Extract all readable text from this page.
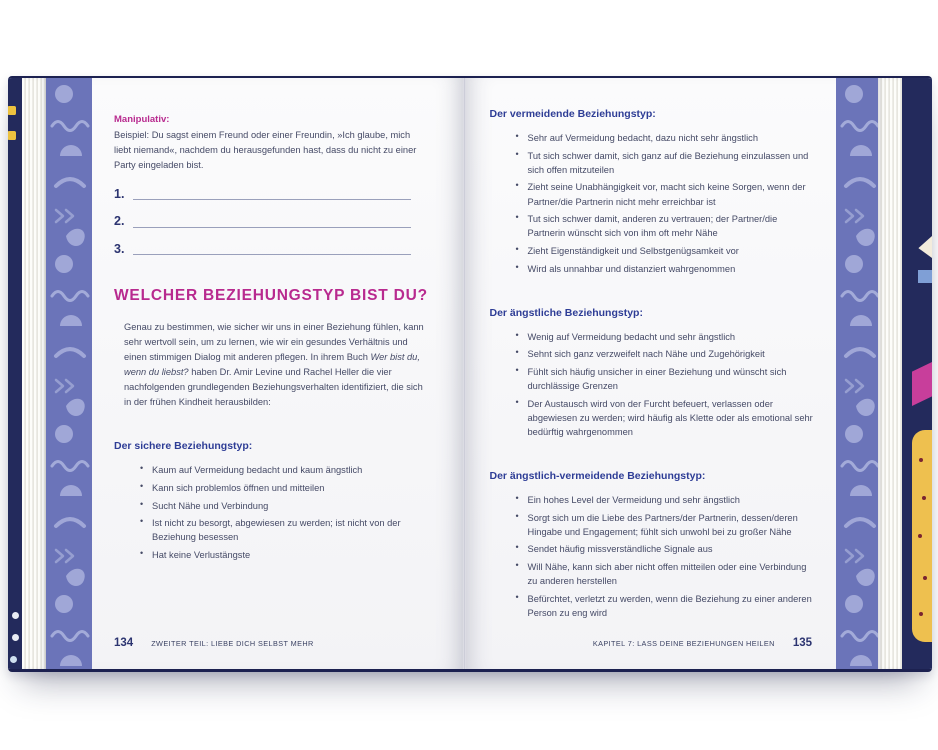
Manipulativ:

Beispiel: Du sagst einem Freund oder einer Freundin, »Ich glaube, mich liebt niemand«, nachdem du herausgefunden hast, dass du nicht zu einer Party eingeladen bist.

1.
2.
3.
WELCHER BEZIEHUNGSTYP BIST DU?

Genau zu bestimmen, wie sicher wir uns in einer Beziehung fühlen, kann sehr wertvoll sein, um zu lernen, wie wir ein gesundes Verhältnis und einen stimmigen Dialog mit anderen pflegen. In ihrem Buch Wer bist du, wenn du liebst? haben Dr. Amir Levine und Rachel Heller die vier nachfolgenden grundlegenden Beziehungsverhalten identifiziert, die sich in der frühen Kindheit herausbilden:

Der sichere Beziehungstyp:
• Kaum auf Vermeidung bedacht und kaum ängstlich
• Kann sich problemlos öffnen und mitteilen
• Sucht Nähe und Verbindung
• Ist nicht zu besorgt, abgewiesen zu werden; ist nicht von der Beziehung besessen
• Hat keine Verlustängste
134 ZWEITER TEIL: LIEBE DICH SELBST MEHR
Der vermeidende Beziehungstyp:
• Sehr auf Vermeidung bedacht, dazu nicht sehr ängstlich
• Tut sich schwer damit, sich ganz auf die Beziehung einzulassen und sich offen mitzuteilen
• Zieht seine Unabhängigkeit vor, macht sich keine Sorgen, wenn der Partner/die Partnerin nicht mehr erreichbar ist
• Tut sich schwer damit, anderen zu vertrauen; der Partner/die Partnerin wünscht sich von ihm oft mehr Nähe
• Zieht Eigenständigkeit und Selbstgenügsamkeit vor
• Wird als unnahbar und distanziert wahrgenommen
Der ängstliche Beziehungstyp:
• Wenig auf Vermeidung bedacht und sehr ängstlich
• Sehnt sich ganz verzweifelt nach Nähe und Zugehörigkeit
• Fühlt sich häufig unsicher in einer Beziehung und wünscht sich durchlässige Grenzen
• Der Austausch wird von der Furcht befeuert, verlassen oder abgewiesen zu werden; wird häufig als Klette oder als emotional sehr bedürftig wahrgenommen
Der ängstlich-vermeidende Beziehungstyp:
• Ein hohes Level der Vermeidung und sehr ängstlich
• Sorgt sich um die Liebe des Partners/der Partnerin, dessen/deren Hingabe und Engagement; fühlt sich unwohl bei zu großer Nähe
• Sendet häufig missverständliche Signale aus
• Will Nähe, kann sich aber nicht offen mitteilen oder eine Verbindung zu anderen herstellen
• Befürchtet, verletzt zu werden, wenn die Beziehung zu einer anderen Person zu eng wird
KAPITEL 7: LASS DEINE BEZIEHUNGEN HEILEN 135
